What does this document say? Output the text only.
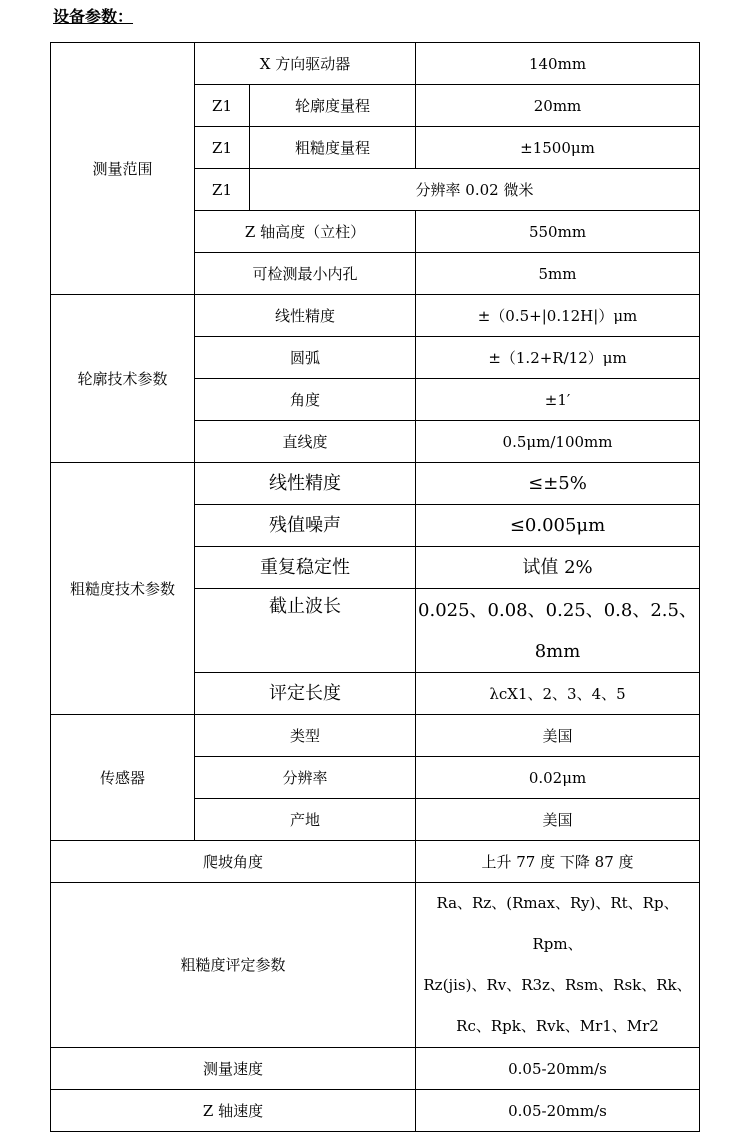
设备参数：
测量范围	X 方向驱动器		140mm
	Z1	轮廓度量程	20mm
	Z1	粗糙度量程	±1500μm
	Z1	分辨率 0.02 微米	
	Z 轴高度（立柱）		550mm
	可检测最小内孔		5mm
轮廓技术参数	线性精度		±（0.5+|0.12H|）μm
	圆弧		±（1.2+R/12）μm
	角度		±1′
	直线度		0.5μm/100mm
粗糙度技术参数	线性精度		≤±5%
	残值噪声		≤0.005μm
	重复稳定性		试值 2%
	截止波长		0.025、0.08、0.25、0.8、2.5、
8mm

	评定长度		λcX1、2、3、4、5
传感器	类型		美国
	分辨率		0.02μm
	产地		美国
爬坡角度			上升 77 度 下降 87 度
粗糙度评定参数			Ra、Rz、(Rmax、Ry)、Rt、Rp、Rpm、
Rz(jis)、Rv、R3z、Rsm、Rsk、Rk、
Rc、Rpk、Rvk、Mr1、Mr2

测量速度			0.05-20mm/s
Z 轴速度			0.05-20mm/s
